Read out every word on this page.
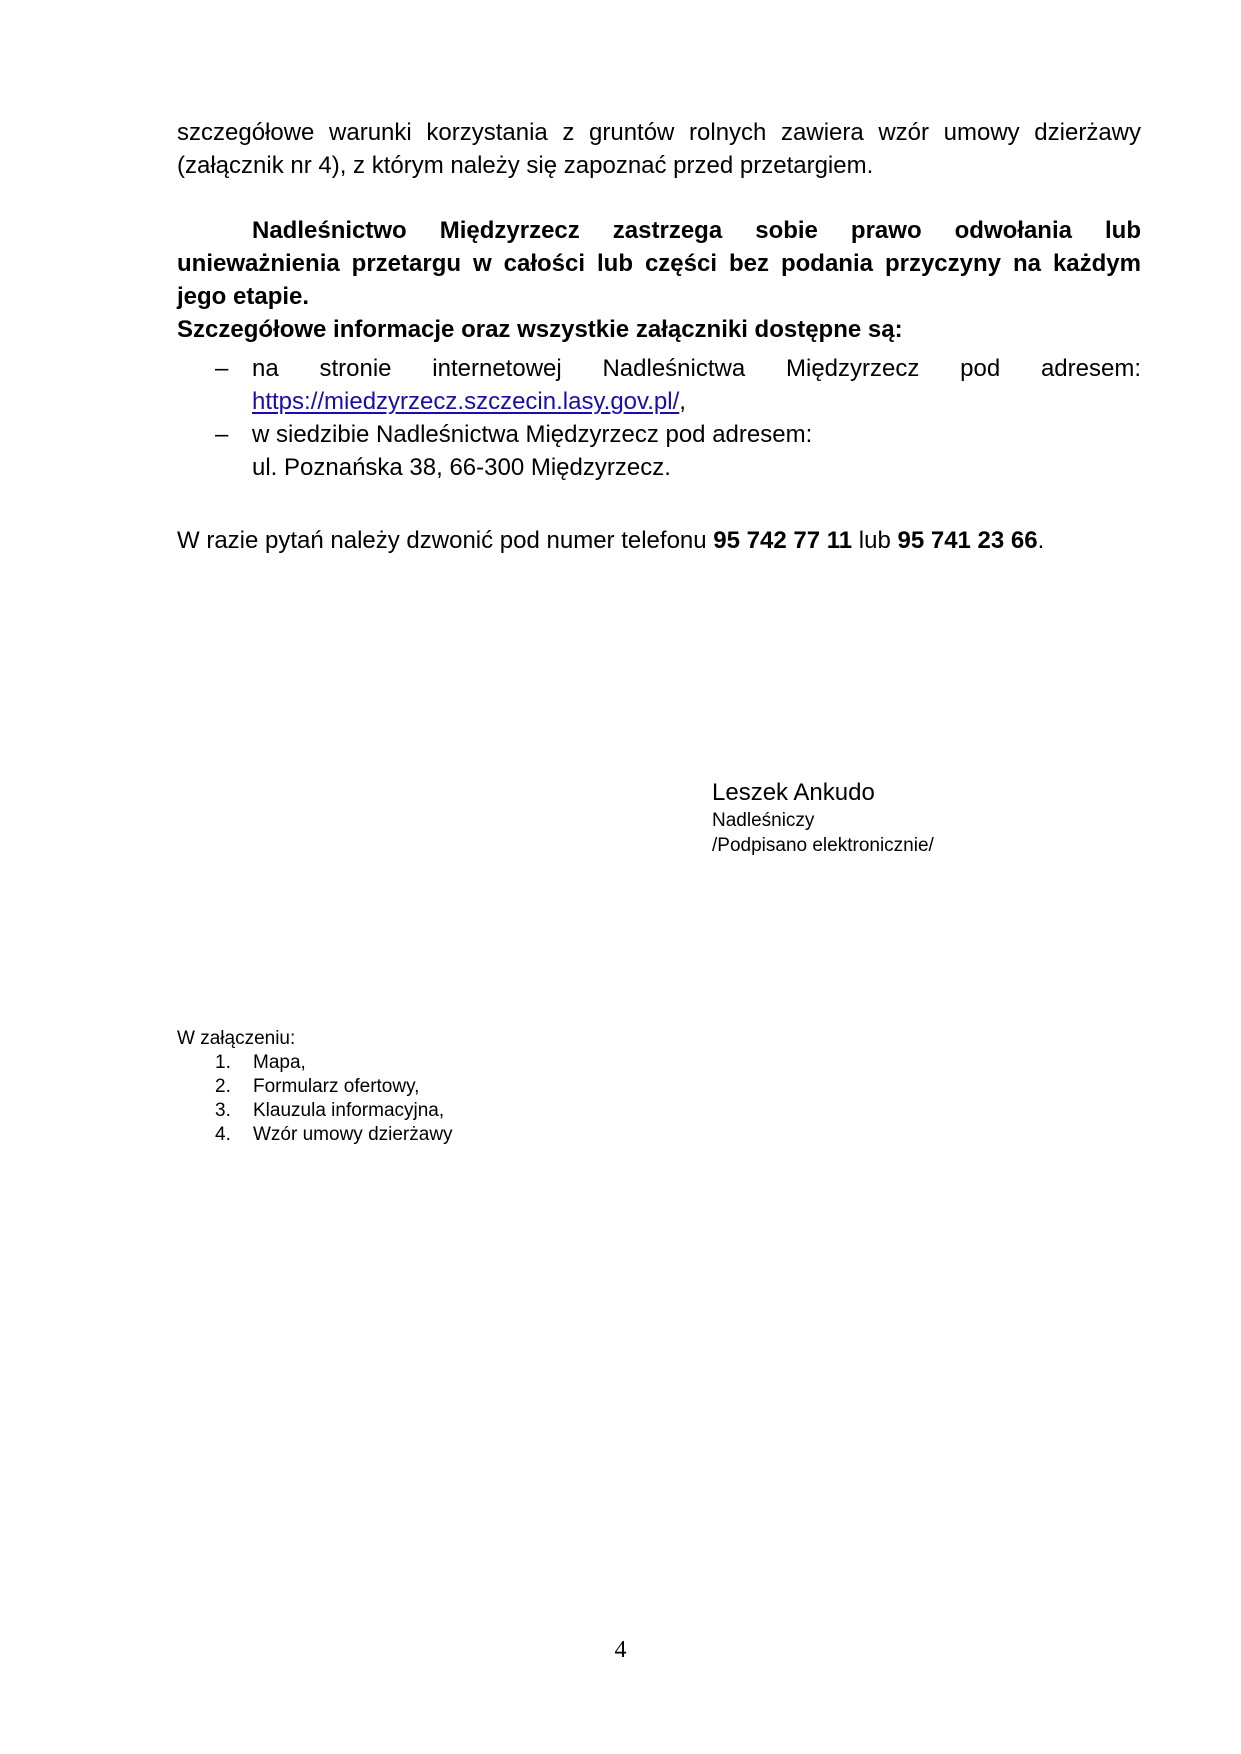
szczegółowe warunki korzystania z gruntów rolnych zawiera wzór umowy dzierżawy
(załącznik nr 4), z którym należy się zapoznać przed przetargiem.

Nadleśnictwo Międzyrzecz zastrzega sobie prawo odwołania lub unieważnienia przetargu w całości lub części bez podania przyczyny na każdym jego etapie.

Szczegółowe informacje oraz wszystkie załączniki dostępne są:

– na stronie internetowej Nadleśnictwa Międzyrzecz pod adresem:
https://miedzyrzecz.szczecin.lasy.gov.pl/,
– w siedzibie Nadleśnictwa Międzyrzecz pod adresem:
ul. Poznańska 38, 66-300 Międzyrzecz.

W razie pytań należy dzwonić pod numer telefonu 95 742 77 11 lub 95 741 23 66.

Leszek Ankudo
Nadleśniczy
/Podpisano elektronicznie/
W załączeniu:
1. Mapa,
2. Formularz ofertowy,
3. Klauzula informacyjna,
4. Wzór umowy dzierżawy
4
